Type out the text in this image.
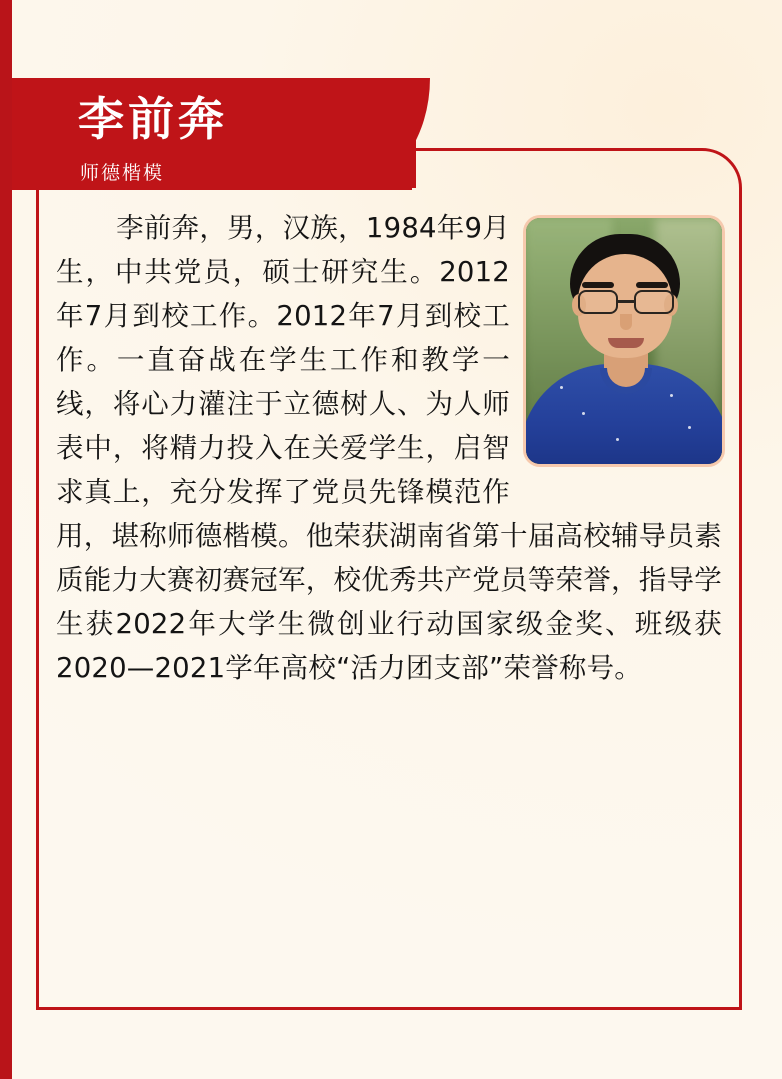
李前奔
师德楷模
李前奔，男，汉族，1984年9月生，中共党员，硕士研究生。2012年7月到校工作。2012年7月到校工作。一直奋战在学生工作和教学一线，将心力灌注于立德树人、为人师表中，将精力投入在关爱学生，启智求真上，充分发挥了党员先锋模范作用，堪称师德楷模。他荣获湖南省第十届高校辅导员素质能力大赛初赛冠军，校优秀共产党员等荣誉，指导学生获2022年大学生微创业行动国家级金奖、班级获2020—2021学年高校“活力团支部”荣誉称号。
